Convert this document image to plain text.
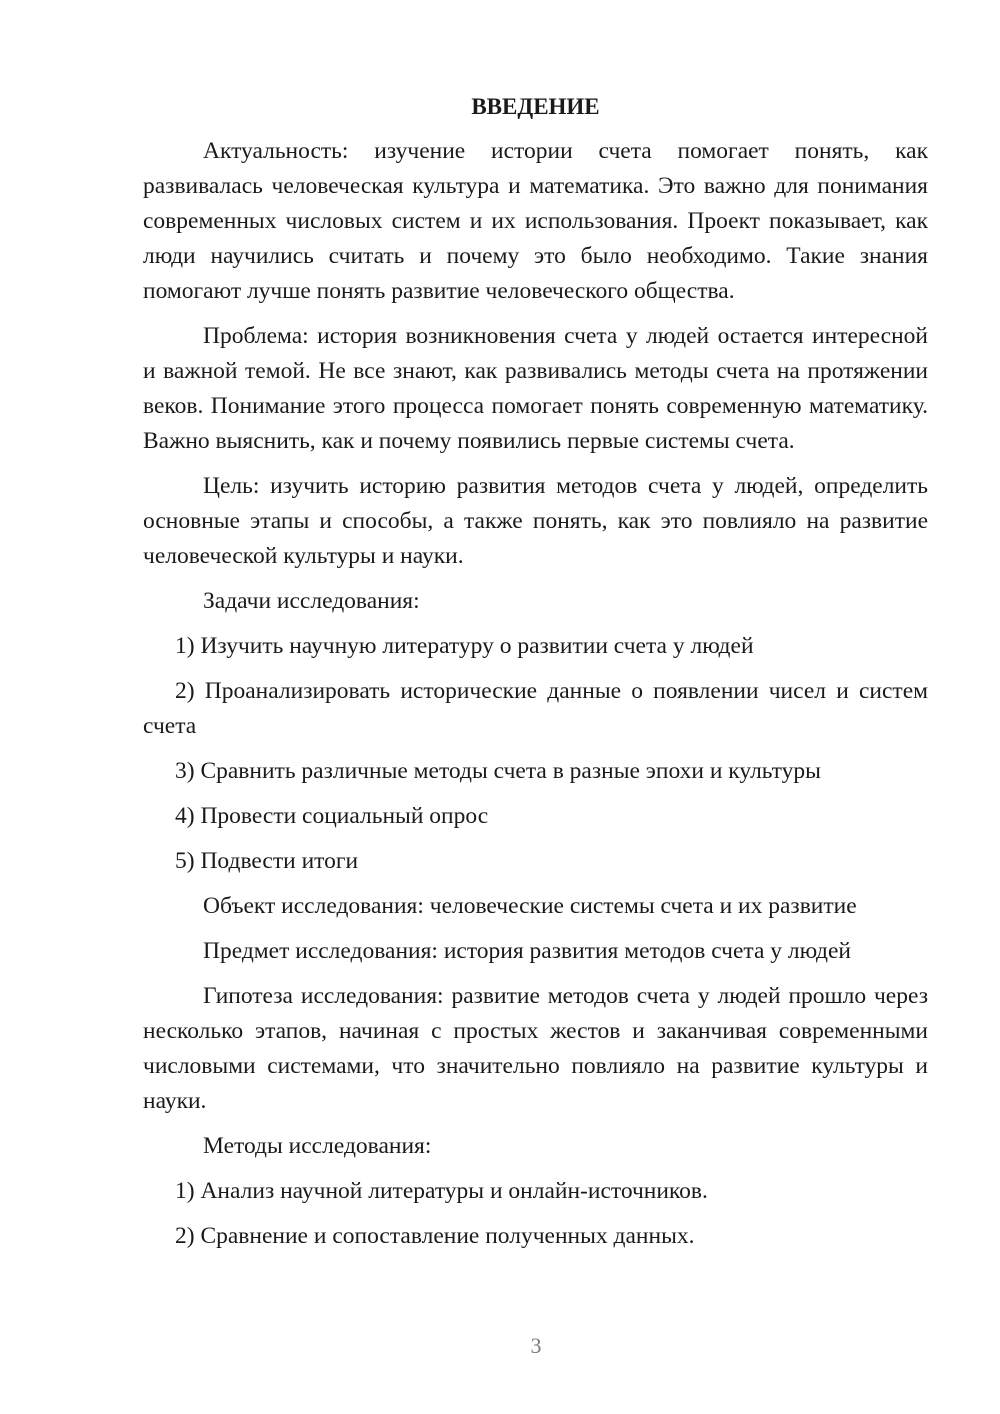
ВВЕДЕНИЕ

Актуальность: изучение истории счета помогает понять, как развивалась человеческая культура и математика. Это важно для понимания современных числовых систем и их использования. Проект показывает, как люди научились считать и почему это было необходимо. Такие знания помогают лучше понять развитие человеческого общества.

Проблема: история возникновения счета у людей остается интересной и важной темой. Не все знают, как развивались методы счета на протяжении веков. Понимание этого процесса помогает понять современную математику. Важно выяснить, как и почему появились первые системы счета.

Цель: изучить историю развития методов счета у людей, определить основные этапы и способы, а также понять, как это повлияло на развитие человеческой культуры и науки.

Задачи исследования:

1) Изучить научную литературу о развитии счета у людей

2) Проанализировать исторические данные о появлении чисел и систем счета

3) Сравнить различные методы счета в разные эпохи и культуры

4) Провести социальный опрос

5) Подвести итоги

Объект исследования: человеческие системы счета и их развитие

Предмет исследования: история развития методов счета у людей

Гипотеза исследования: развитие методов счета у людей прошло через несколько этапов, начиная с простых жестов и заканчивая современными числовыми системами, что значительно повлияло на развитие культуры и науки.

Методы исследования:

1) Анализ научной литературы и онлайн-источников.

2) Сравнение и сопоставление полученных данных.

3
